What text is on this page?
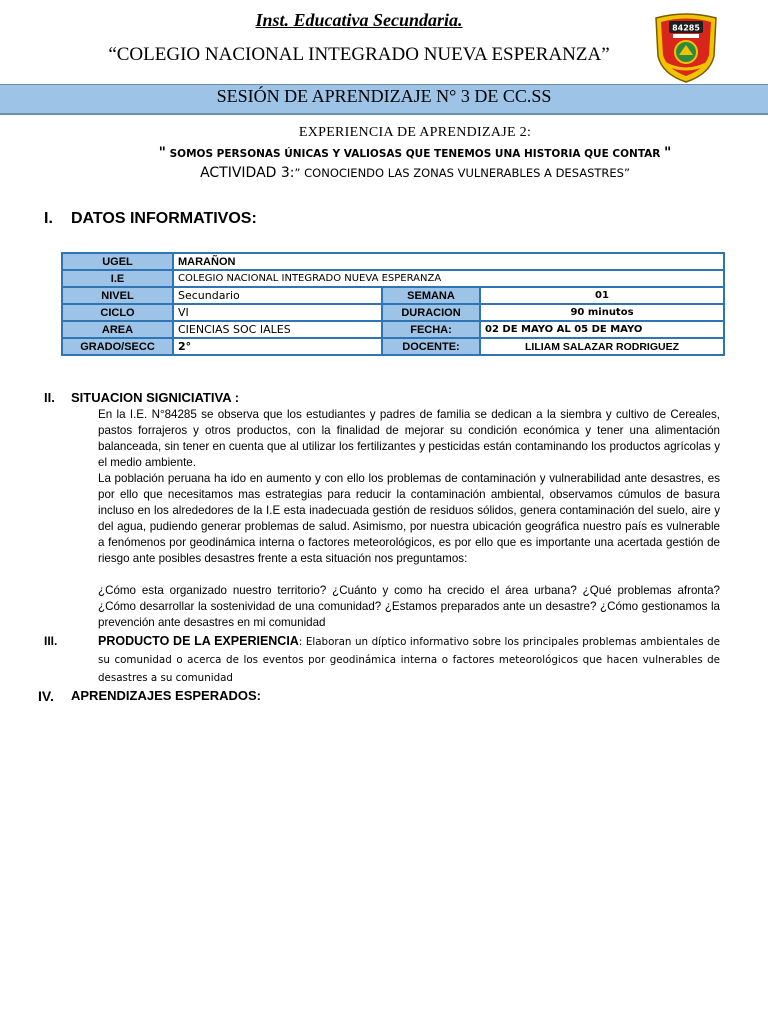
Inst. Educativa Secundaria.
“COLEGIO NACIONAL INTEGRADO NUEVA ESPERANZA”
84285
SESIÓN DE APRENDIZAJE N° 3 DE CC.SS
EXPERIENCIA DE APRENDIZAJE 2:
" SOMOS PERSONAS ÚNICAS Y VALIOSAS QUE TENEMOS UNA HISTORIA QUE CONTAR "
ACTIVIDAD 3:” CONOCIENDO LAS ZONAS VULNERABLES A DESASTRES”
I. DATOS INFORMATIVOS:
UGEL	MARAÑON		
I.E	COLEGIO NACIONAL INTEGRADO NUEVA ESPERANZA		
NIVEL	Secundario	SEMANA	01
CICLO	VI	DURACION	90 minutos
AREA	CIENCIAS SOC IALES	FECHA:	02 DE MAYO AL 05 DE MAYO
GRADO/SECC	2°	DOCENTE:	LILIAM SALAZAR RODRIGUEZ
II. SITUACION SIGNICIATIVA :
En la I.E. N°84285 se observa que los estudiantes y padres de familia se dedican a la siembra y cultivo de Cereales, pastos forrajeros y otros productos, con la finalidad de mejorar su condición económica y tener una alimentación balanceada, sin tener en cuenta que al utilizar los fertilizantes y pesticidas están contaminando los productos agrícolas y el medio ambiente.
La población peruana ha ido en aumento y con ello los problemas de contaminación y vulnerabilidad ante desastres, es por ello que necesitamos mas estrategias para reducir la contaminación ambiental, observamos cúmulos de basura incluso en los alrededores de la I.E esta inadecuada gestión de residuos sólidos, genera contaminación del suelo, aire y del agua, pudiendo generar problemas de salud. Asimismo, por nuestra ubicación geográfica nuestro país es vulnerable a fenómenos por geodinámica interna o factores meteorológicos, es por ello que es importante una acertada gestión de riesgo ante posibles desastres frente a esta situación nos preguntamos:
¿Cómo esta organizado nuestro territorio? ¿Cuánto y como ha crecido el área urbana? ¿Qué problemas afronta? ¿Cómo desarrollar la sostenividad de una comunidad? ¿Estamos preparados ante un desastre? ¿Cómo gestionamos la prevención ante desastres en mi comunidad
III.	PRODUCTO DE LA EXPERIENCIA: Elaboran un díptico informativo sobre los principales problemas ambientales de su comunidad o acerca de los eventos por geodinámica interna o factores meteorológicos que hacen vulnerables de desastres a su comunidad
IV. APRENDIZAJES ESPERADOS:
